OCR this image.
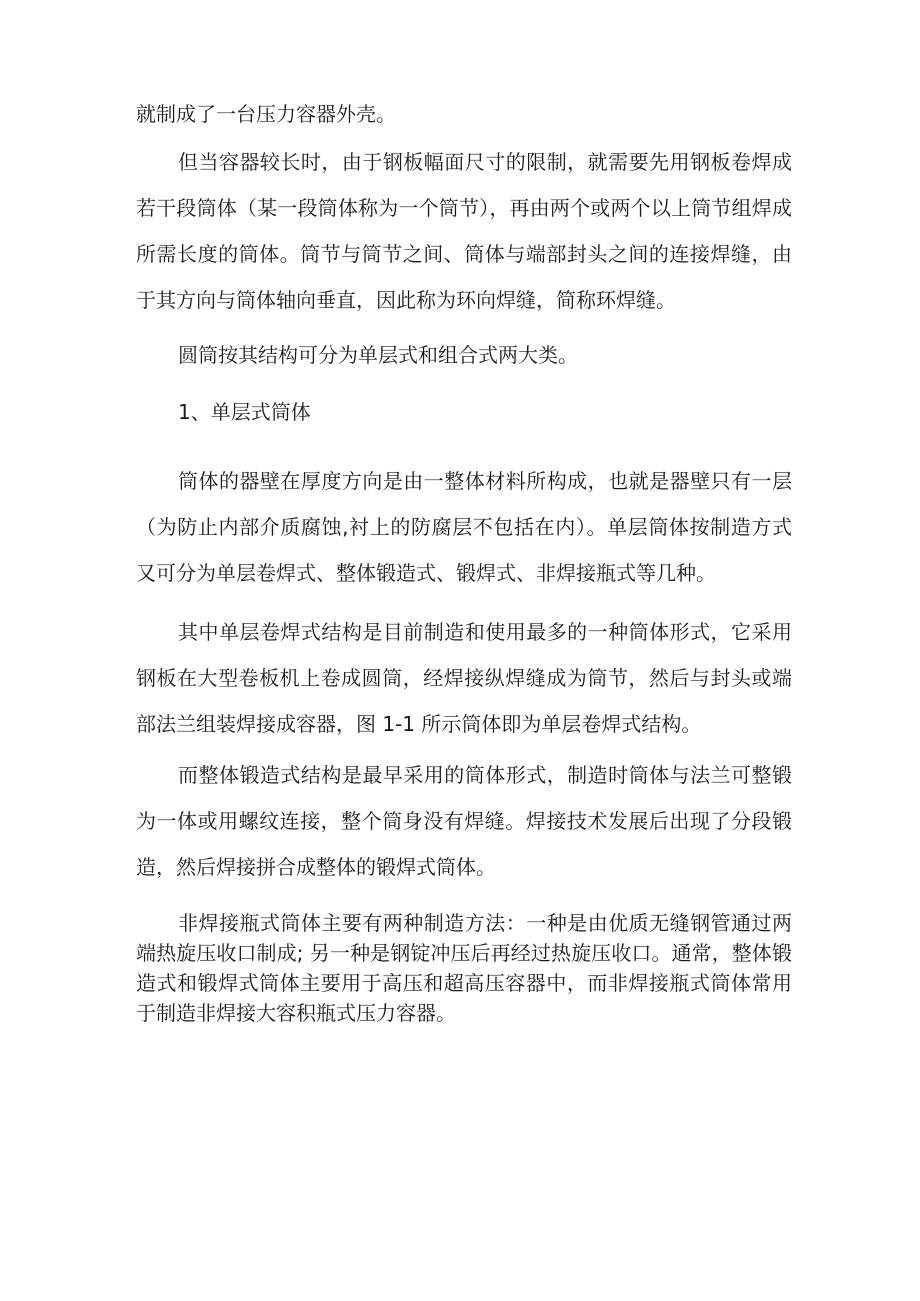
就制成了一台压力容器外壳。

但当容器较长时，由于钢板幅面尺寸的限制，就需要先用钢板卷焊成若干段筒体（某一段筒体称为一个筒节），再由两个或两个以上筒节组焊成所需长度的筒体。筒节与筒节之间、筒体与端部封头之间的连接焊缝，由于其方向与筒体轴向垂直，因此称为环向焊缝，简称环焊缝。

圆筒按其结构可分为单层式和组合式两大类。

1、单层式筒体

筒体的器壁在厚度方向是由一整体材料所构成，也就是器壁只有一层（为防止内部介质腐蚀,衬上的防腐层不包括在内）。单层筒体按制造方式又可分为单层卷焊式、整体锻造式、锻焊式、非焊接瓶式等几种。

其中单层卷焊式结构是目前制造和使用最多的一种筒体形式，它采用钢板在大型卷板机上卷成圆筒，经焊接纵焊缝成为筒节，然后与封头或端部法兰组装焊接成容器，图 1-1 所示筒体即为单层卷焊式结构。

而整体锻造式结构是最早采用的筒体形式，制造时筒体与法兰可整锻为一体或用螺纹连接，整个筒身没有焊缝。焊接技术发展后出现了分段锻造，然后焊接拼合成整体的锻焊式筒体。

非焊接瓶式筒体主要有两种制造方法：一种是由优质无缝钢管通过两端热旋压收口制成; 另一种是钢锭冲压后再经过热旋压收口。通常，整体锻造式和锻焊式筒体主要用于高压和超高压容器中，而非焊接瓶式筒体常用于制造非焊接大容积瓶式压力容器。
